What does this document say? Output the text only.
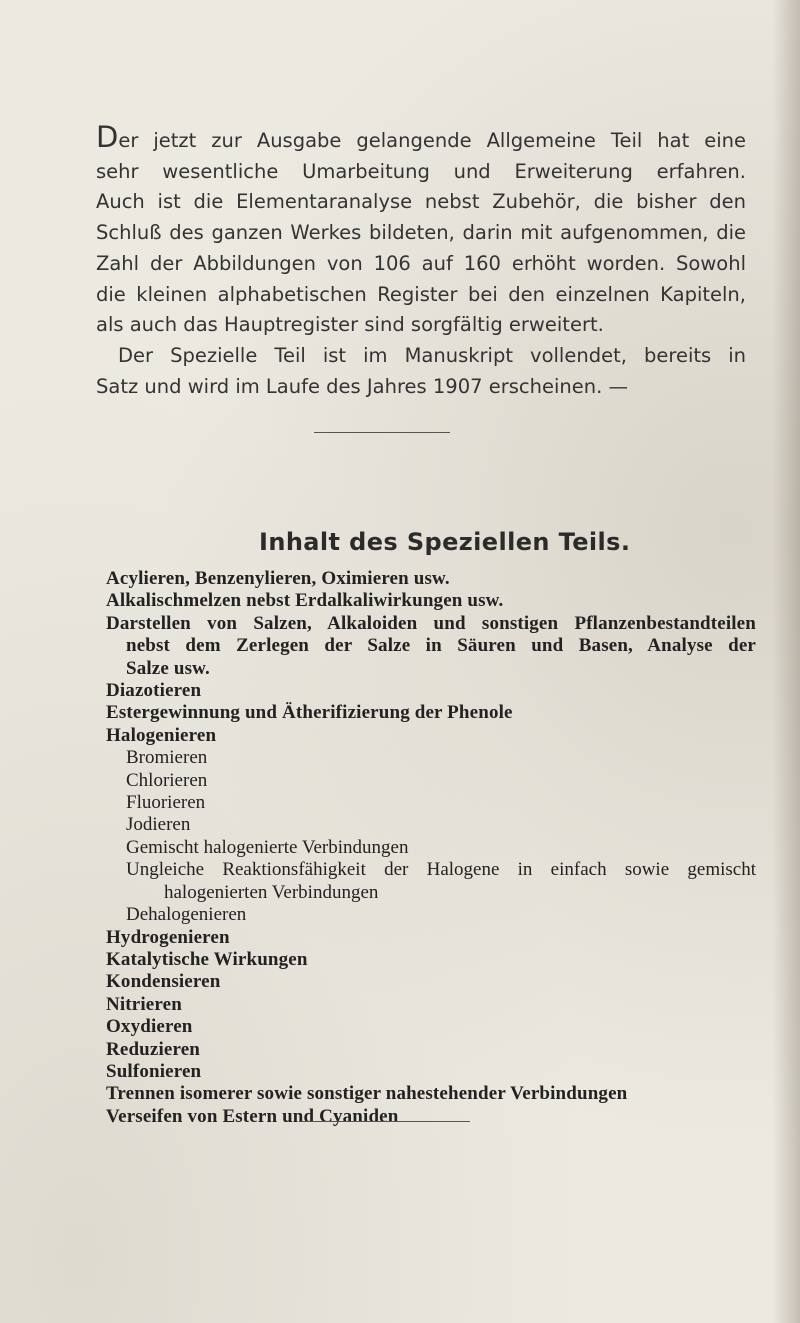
Der jetzt zur Ausgabe gelangende Allgemeine Teil hat eine

sehr wesentliche Umarbeitung und Erweiterung erfahren.

Auch ist die Elementaranalyse nebst Zubehör, die bisher den

Schluß des ganzen Werkes bildeten, darin mit aufgenommen, die

Zahl der Abbildungen von 106 auf 160 erhöht worden. Sowohl

die kleinen alphabetischen Register bei den einzelnen Kapiteln,

als auch das Hauptregister sind sorgfältig erweitert.

Der Spezielle Teil ist im Manuskript vollendet, bereits in

Satz und wird im Laufe des Jahres 1907 erscheinen. —

Inhalt des Speziellen Teils.
Acylieren, Benzenylieren, Oximieren usw.
Alkalischmelzen nebst Erdalkaliwirkungen usw.
Darstellen von Salzen, Alkaloiden und sonstigen Pflanzenbestandteilen
nebst dem Zerlegen der Salze in Säuren und Basen, Analyse der
Salze usw.
Diazotieren
Estergewinnung und Ätherifizierung der Phenole
Halogenieren
Bromieren
Chlorieren
Fluorieren
Jodieren
Gemischt halogenierte Verbindungen
Ungleiche Reaktionsfähigkeit der Halogene in einfach sowie gemischt
halogenierten Verbindungen
Dehalogenieren
Hydrogenieren
Katalytische Wirkungen
Kondensieren
Nitrieren
Oxydieren
Reduzieren
Sulfonieren
Trennen isomerer sowie sonstiger nahestehender Verbindungen
Verseifen von Estern und Cyaniden
